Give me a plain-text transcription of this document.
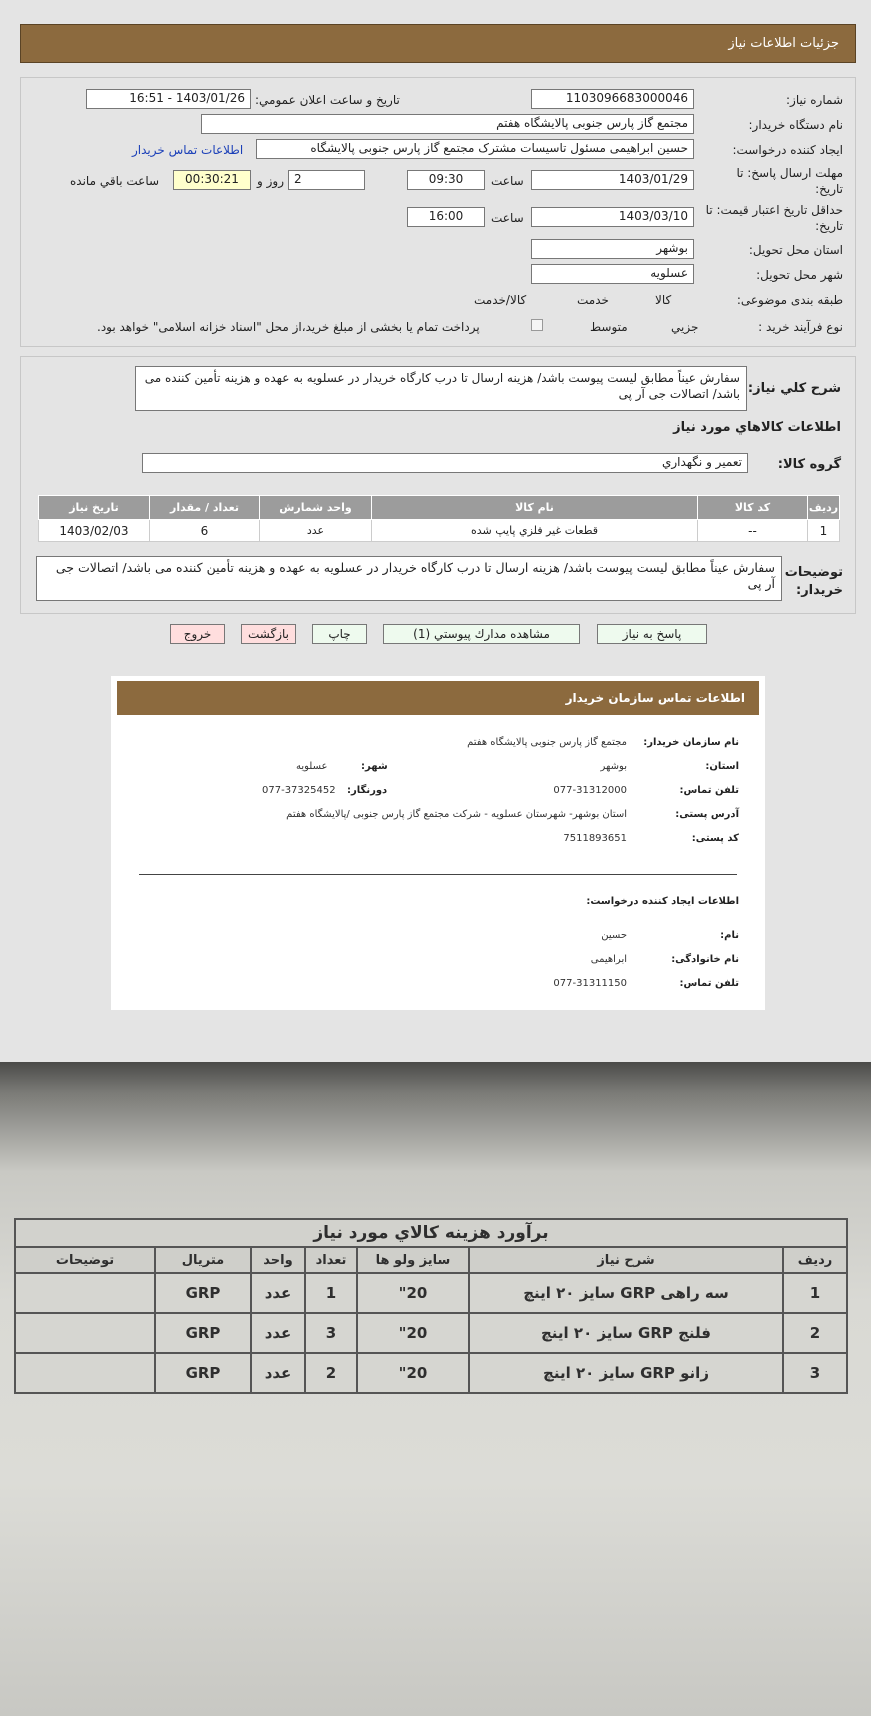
جزئيات اطلاعات نياز
شماره نياز:
1103096683000046
تاريخ و ساعت اعلان عمومي:
1403/01/26 - 16:51
نام دستگاه خريدار:
مجتمع گاز پارس جنوبی پالایشگاه هفتم
ايجاد كننده درخواست:
حسین ابراهیمی مسئول تاسیسات مشترک مجتمع گاز پارس جنوبی پالایشگاه
اطلاعات تماس خريدار
مهلت ارسال پاسخ: تا تاريخ:
1403/01/29
ساعت
09:30
2
روز و
00:30:21
ساعت باقي مانده
حداقل تاريخ اعتبار قيمت: تا تاريخ:
1403/03/10
ساعت
16:00
استان محل تحويل:
بوشهر
شهر محل تحويل:
عسلويه
طبقه بندی موضوعی:

كالا

خدمت

كالا/خدمت
نوع فرآيند خريد :

جزيي
متوسط
پرداخت تمام يا بخشی از مبلغ خريد،از محل "اسناد خزانه اسلامی" خواهد بود.
شرح كلي نياز:
سفارش عیناً مطابق لیست پیوست باشد/ هزینه ارسال تا درب کارگاه خریدار در عسلویه به عهده و هزینه تأمین کننده می باشد/ اتصالات جی آر پی
اطلاعات كالاهاي مورد نياز
گروه كالا:
تعمير و نگهداري
رديف	كد كالا	نام كالا	واحد شمارش	تعداد / مقدار	تاريخ نياز
1	--	قطعات غير فلزي پايپ شده	عدد	6	1403/02/03
توضيحات خريدار:
سفارش عیناً مطابق لیست پیوست باشد/ هزینه ارسال تا درب کارگاه خریدار در عسلویه به عهده و هزینه تأمین کننده می باشد/ اتصالات جی آر پی
پاسخ به نياز
مشاهده مدارك پيوستي (1)
چاپ
بازگشت
خروج
اطلاعات تماس سازمان خريدار
نام سازمان خريدار:
مجتمع گاز پارس جنوبی پالایشگاه هفتم
استان:
بوشهر
شهر:
عسلويه
تلفن تماس:
077-31312000
دورنگار:
077-37325452
آدرس پستی:
استان بوشهر- شهرستان عسلویه - شرکت مجتمع گاز پارس جنوبی /پالایشگاه هفتم
كد پستی:
7511893651
اطلاعات ايجاد كننده درخواست:
نام:
حسین
نام خانوادگی:
ابراهیمی
تلفن تماس:
077-31311150
برآورد هزینه كالاي مورد نياز
رديف	شرح نياز	سايز ولو ها	تعداد	واحد	متريال	توضيحات
1	سه راهی GRP سایز ۲۰ اینچ	20"	1	عدد	GRP	
2	فلنج GRP سایز ۲۰ اینچ	20"	3	عدد	GRP	
3	زانو GRP سایز ۲۰ اینچ	20"	2	عدد	GRP	
